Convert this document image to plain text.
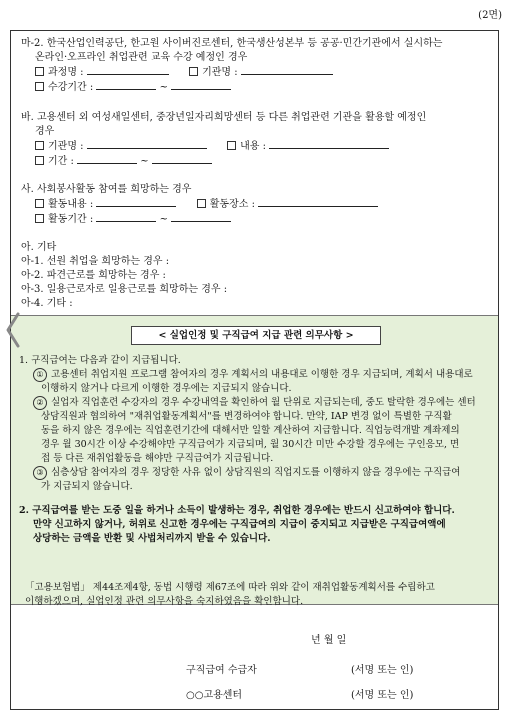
(2면)
마-2. 한국산업인력공단, 한고원 사이버진로센터, 한국생산성본부 등 공공·민간기관에서 실시하는
온라인·오프라인 취업관련 교육 수강 예정인 경우
과정명 :	기관명 :
수강기간 :	~
바. 고용센터 외 여성새일센터, 중장년일자리희망센터 등 다른 취업관련 기관을 활용할 예정인
경우
기관명 :	내용 :
기간 :	~
사. 사회봉사활동 참여를 희망하는 경우
활동내용 :	활동장소 :
활동기간 :	~
아. 기타
아-1. 선원 취업을 희망하는 경우 :
아-2. 파견근로를 희망하는 경우 :
아-3. 일용근로자로 일용근로를 희망하는 경우 :
아-4. 기타 :
< 실업인정 및 구직급여 지급 관련 의무사항 >
1. 구직급여는 다음과 같이 지급됩니다.
① 고용센터 취업지원 프로그램 참여자의 경우 계획서의 내용대로 이행한 경우 지급되며, 계획서 내용대로
이행하지 않거나 다르게 이행한 경우에는 지급되지 않습니다.
② 실업자 직업훈련 수강자의 경우 수강내역을 확인하여 월 단위로 지급되는데, 중도 탈락한 경우에는 센터
상담직원과 협의하여 "재취업활동계획서"를 변경하여야 합니다. 만약, IAP 변경 없이 특별한 구직활
동을 하지 않은 경우에는 직업훈련기간에 대해서만 일할 계산하여 지급합니다. 직업능력개발 계좌제의
경우 월 30시간 이상 수강해야만 구직급여가 지급되며, 월 30시간 미만 수강할 경우에는 구인응모, 면
접 등 다른 재취업활동을 해야만 구직급여가 지급됩니다.
③ 심층상담 참여자의 경우 정당한 사유 없이 상담직원의 직업지도를 이행하지 않을 경우에는 구직급여
가 지급되지 않습니다.
2. 구직급여를 받는 도중 일을 하거나 소득이 발생하는 경우, 취업한 경우에는 반드시 신고하여야 합니다.
만약 신고하지 않거나, 허위로 신고한 경우에는 구직급여의 지급이 중지되고 지급받은 구직급여액에
상당하는 금액을 반환 및 사법처리까지 받을 수 있습니다.
「고용보험법」 제44조제4항, 동법 시행령 제67조에 따라 위와 같이 재취업활동계획서를 수립하고
이행하겠으며, 실업인정 관련 의무사항을 숙지하였음을 확인합니다.
년 월 일
구직급여 수급자	(서명 또는 인)
○○고용센터	(서명 또는 인)
